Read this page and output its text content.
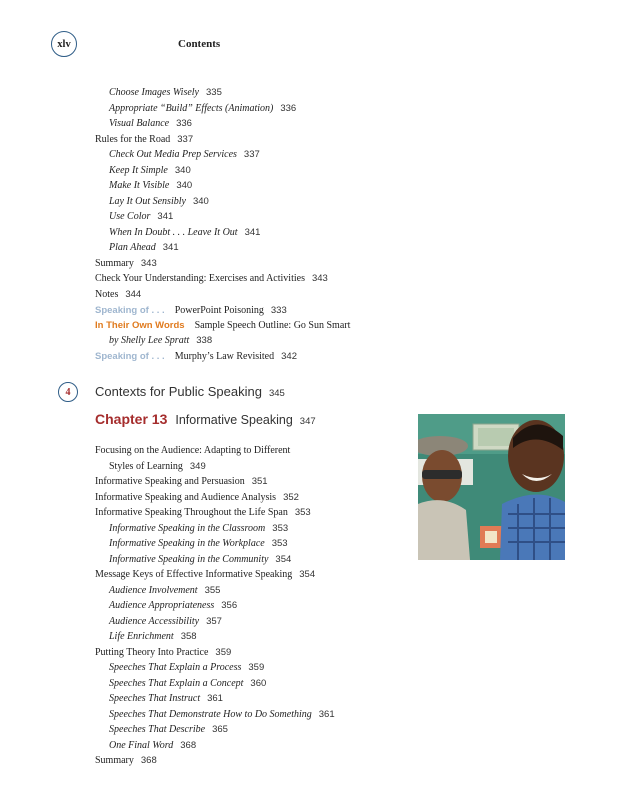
xlv	Contents
Choose Images Wisely 335
Appropriate “Build” Effects (Animation) 336
Visual Balance 336
Rules for the Road 337
Check Out Media Prep Services 337
Keep It Simple 340
Make It Visible 340
Lay It Out Sensibly 340
Use Color 341
When In Doubt . . . Leave It Out 341
Plan Ahead 341
Summary 343
Check Your Understanding: Exercises and Activities 343
Notes 344
Speaking of . . . PowerPoint Poisoning 333
In Their Own Words Sample Speech Outline: Go Sun Smart
by Shelly Lee Spratt 338
Speaking of . . . Murphy’s Law Revisited 342
4	Contexts for Public Speaking 345
Chapter 13 Informative Speaking 347
Focusing on the Audience: Adapting to Different
Styles of Learning 349
Informative Speaking and Persuasion 351
Informative Speaking and Audience Analysis 352
Informative Speaking Throughout the Life Span 353
Informative Speaking in the Classroom 353
Informative Speaking in the Workplace 353
Informative Speaking in the Community 354
Message Keys of Effective Informative Speaking 354
Audience Involvement 355
Audience Appropriateness 356
Audience Accessibility 357
Life Enrichment 358
Putting Theory Into Practice 359
Speeches That Explain a Process 359
Speeches That Explain a Concept 360
Speeches That Instruct 361
Speeches That Demonstrate How to Do Something 361
Speeches That Describe 365
One Final Word 368
Summary 368
